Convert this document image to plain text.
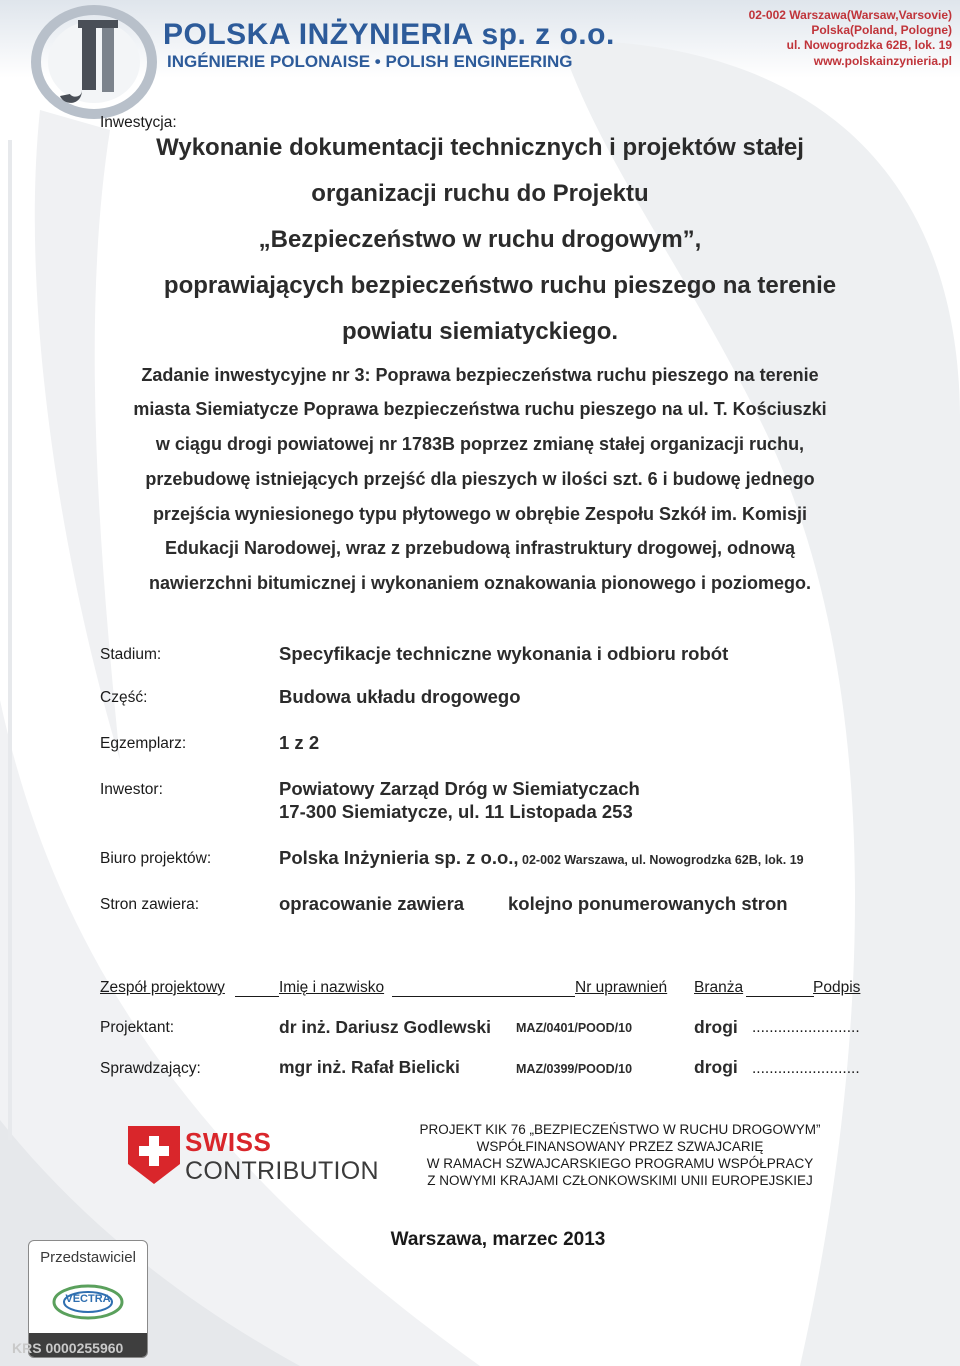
POLSKA INŻYNIERIA sp. z o.o.
INGÉNIERIE POLONAISE • POLISH ENGINEERING
02-002 Warszawa(Warsaw,Varsovie)
Polska(Poland, Pologne)
ul. Nowogrodzka 62B, lok. 19
www.polskainzynieria.pl
Inwestycja:
Wykonanie dokumentacji technicznych i projektów stałej
organizacji ruchu do Projektu
„Bezpieczeństwo w ruchu drogowym”,
poprawiających bezpieczeństwo ruchu pieszego na terenie
powiatu siemiatyckiego.
Zadanie inwestycyjne nr 3: Poprawa bezpieczeństwa ruchu pieszego na terenie
miasta Siemiatycze Poprawa bezpieczeństwa ruchu pieszego na ul. T. Kościuszki
w ciągu drogi powiatowej nr 1783B poprzez zmianę stałej organizacji ruchu,
przebudowę istniejących przejść dla pieszych w ilości szt. 6 i budowę jednego
przejścia wyniesionego typu płytowego w obrębie Zespołu Szkół im. Komisji
Edukacji Narodowej, wraz z przebudową infrastruktury drogowej, odnową
nawierzchni bitumicznej i wykonaniem oznakowania pionowego i poziomego.
Stadium:	Specyfikacje techniczne wykonania i odbioru robót
Część:	Budowa układu drogowego
Egzemplarz:	1 z 2
Inwestor:	Powiatowy Zarząd Dróg w Siemiatyczach
17-300 Siemiatycze, ul. 11 Listopada 253
Biuro projektów:	Polska Inżynieria sp. z o.o., 02-002 Warszawa, ul. Nowogrodzka 62B, lok. 19
Stron zawiera:	opracowanie zawiera kolejno ponumerowanych stron
Zespół projektowy	Imię i nazwisko	Nr uprawnień Branża	Podpis
Projektant:	dr inż. Dariusz Godlewski MAZ/0401/POOD/10	drogi .........................
Sprawdzający:	mgr inż. Rafał Bielicki	MAZ/0399/POOD/10	drogi .........................
SWISS
CONTRIBUTION
PROJEKT KIK 76 „BEZPIECZEŃSTWO W RUCHU DROGOWYM”
WSPÓŁFINANSOWANY PRZEZ SZWAJCARIĘ
W RAMACH SZWAJCARSKIEGO PROGRAMU WSPÓŁPRACY
Z NOWYMI KRAJAMI CZŁONKOWSKIMI UNII EUROPEJSKIEJ
Warszawa, marzec 2013
Przedstawiciel
VECTRA
KRS 0000255960
